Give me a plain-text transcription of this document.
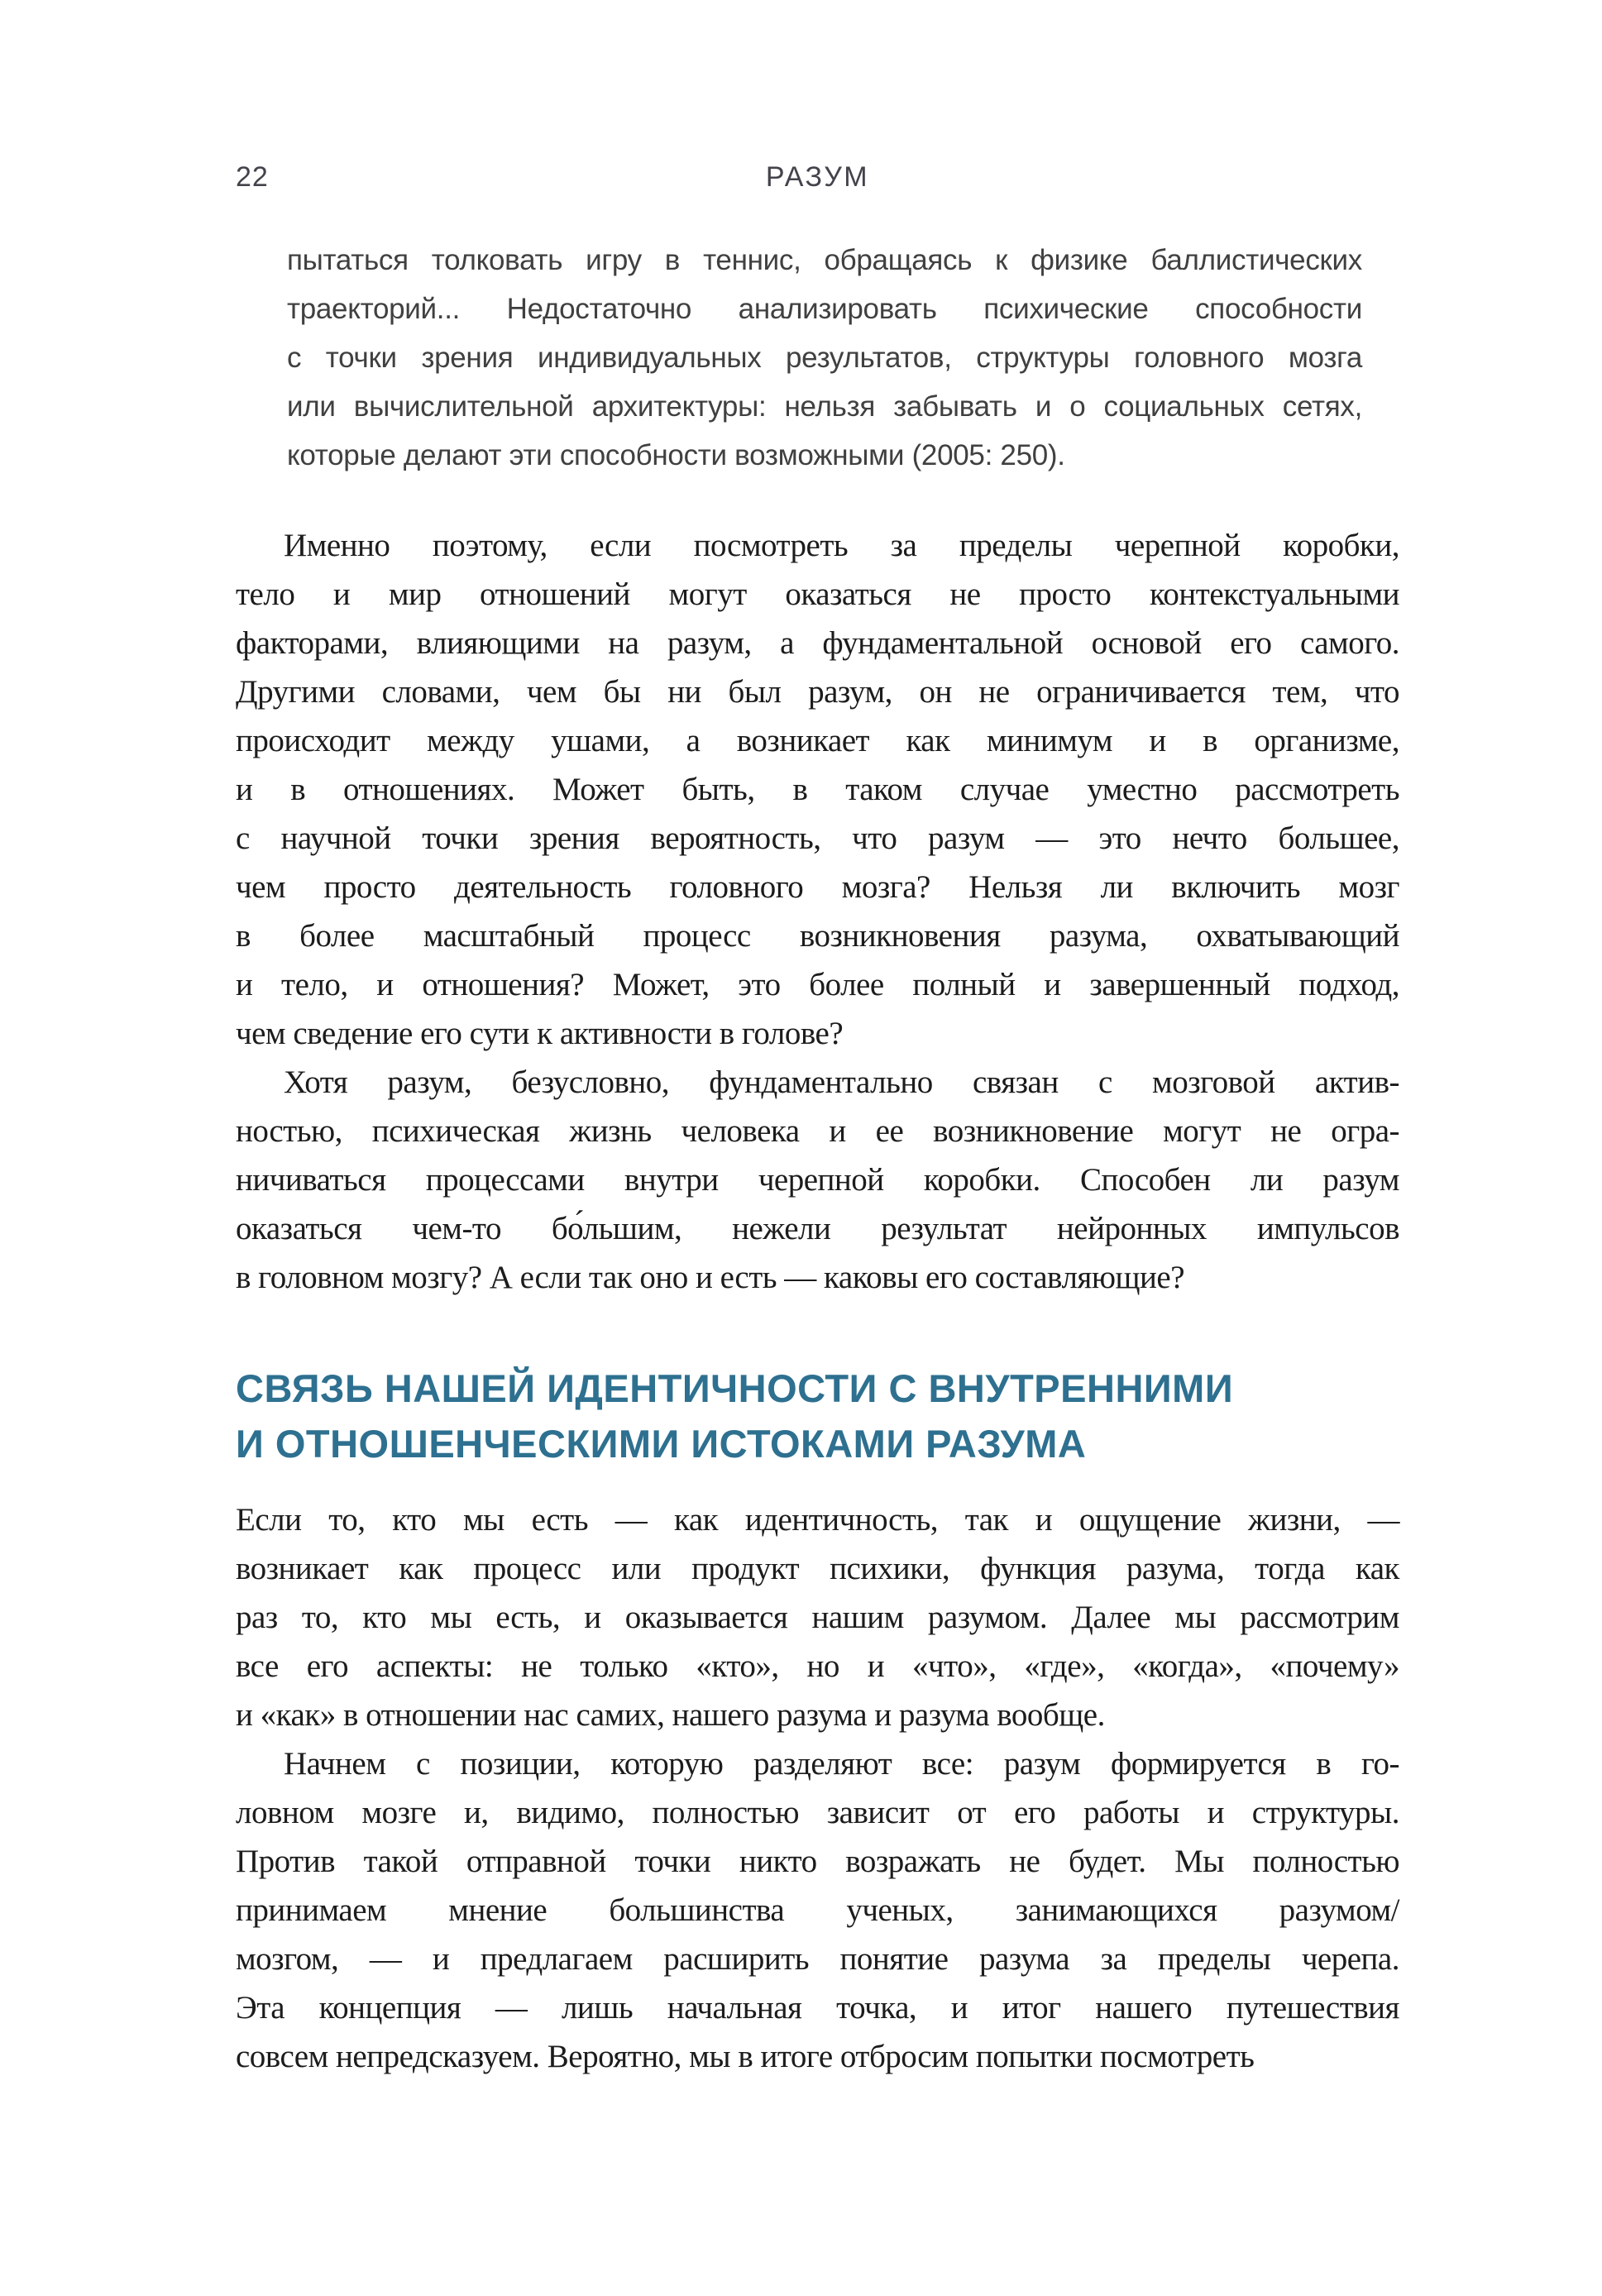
22	РАЗУМ
пытаться толковать игру в теннис, обращаясь к физике баллистических
траекторий... Недостаточно анализировать психические способности
с точки зрения индивидуальных результатов, структуры головного мозга
или вычислительной архитектуры: нельзя забывать и о социальных сетях,
которые делают эти способности возможными (2005: 250).
Именно поэтому, если посмотреть за пределы черепной коробки,
тело и мир отношений могут оказаться не просто контекстуальными
факторами, влияющими на разум, а фундаментальной основой его самого.
Другими словами, чем бы ни был разум, он не ограничивается тем, что
происходит между ушами, а возникает как минимум и в организме,
и в отношениях. Может быть, в таком случае уместно рассмотреть
с научной точки зрения вероятность, что разум — это нечто большее,
чем просто деятельность головного мозга? Нельзя ли включить мозг
в более масштабный процесс возникновения разума, охватывающий
и тело, и отношения? Может, это более полный и завершенный подход,
чем сведение его сути к активности в голове?
Хотя разум, безусловно, фундаментально связан с мозговой актив-
ностью, психическая жизнь человека и ее возникновение могут не огра-
ничиваться процессами внутри черепной коробки. Способен ли разум
оказаться чем-то бо́льшим, нежели результат нейронных импульсов
в головном мозгу? А если так оно и есть — каковы его составляющие?
СВЯЗЬ НАШЕЙ ИДЕНТИЧНОСТИ С ВНУТРЕННИМИ
И ОТНОШЕНЧЕСКИМИ ИСТОКАМИ РАЗУМА
Если то, кто мы есть — как идентичность, так и ощущение жизни, —
возникает как процесс или продукт психики, функция разума, тогда как
раз то, кто мы есть, и оказывается нашим разумом. Далее мы рассмотрим
все его аспекты: не только «кто», но и «что», «где», «когда», «почему»
и «как» в отношении нас самих, нашего разума и разума вообще.
Начнем с позиции, которую разделяют все: разум формируется в го-
ловном мозге и, видимо, полностью зависит от его работы и структуры.
Против такой отправной точки никто возражать не будет. Мы полностью
принимаем мнение большинства ученых, занимающихся разумом/
мозгом, — и предлагаем расширить понятие разума за пределы черепа.
Эта концепция — лишь начальная точка, и итог нашего путешествия
совсем непредсказуем. Вероятно, мы в итоге отбросим попытки посмотреть
